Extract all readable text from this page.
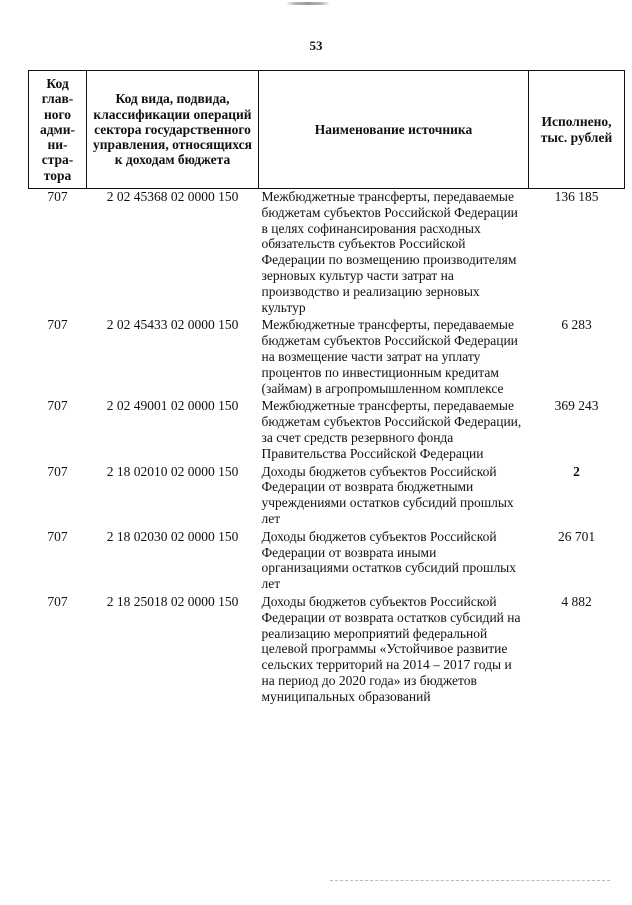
53
Код глав-ного адми-ни-стра-тора	Код вида, подвида, классификации операций сектора государственного управления, относящихся к доходам бюджета	Наименование источника	Исполнено, тыс. рублей
707	2 02 45368 02 0000 150	Межбюджетные трансферты, передаваемые бюджетам субъектов Российской Федерации в целях софинансирования расходных обязательств субъектов Российской Федерации по возмещению производителям зерновых культур части затрат на производство и реализацию зерновых культур	136 185
707	2 02 45433 02 0000 150	Межбюджетные трансферты, передаваемые бюджетам субъектов Российской Федерации на возмещение части затрат на уплату процентов по инвестиционным кредитам (займам) в агропромышленном комплексе	6 283
707	2 02 49001 02 0000 150	Межбюджетные трансферты, передаваемые бюджетам субъектов Российской Федерации, за счет средств резервного фонда Правительства Российской Федерации	369 243
707	2 18 02010 02 0000 150	Доходы бюджетов субъектов Российской Федерации от возврата бюджетными учреждениями остатков субсидий прошлых лет	2
707	2 18 02030 02 0000 150	Доходы бюджетов субъектов Российской Федерации от возврата иными организациями остатков субсидий прошлых лет	26 701
707	2 18 25018 02 0000 150	Доходы бюджетов субъектов Российской Федерации от возврата остатков субсидий на реализацию мероприятий федеральной целевой программы «Устойчивое развитие сельских территорий на 2014 – 2017 годы и на период до 2020 года» из бюджетов муниципальных образований	4 882
